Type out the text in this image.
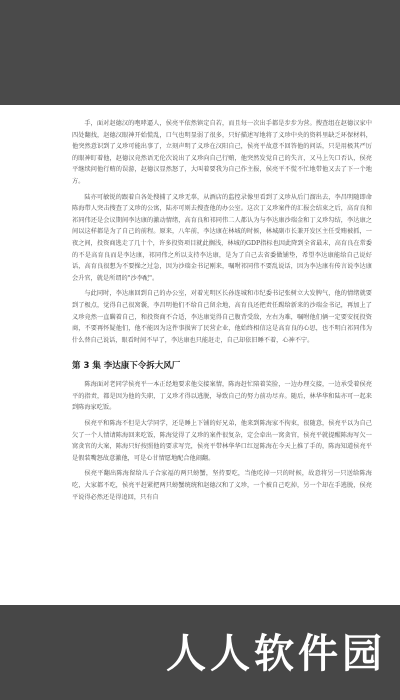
手，面对赵德汉的咆哮逼人，侯亮平依然镇定自若，而且每一次出手都是步步为营。搜查组在赵德汉家中四处翻找，赵德汉眼神开始慌乱，口气也明显弱了很多，只好描述写地将了义珍中央的资料里缺乏环保材料，他突然意识到了义珍可能出事了，立刻声明了义珍在汉阳自己，侯亮平故意不回答他的问话，只是用极其严厉的眼神盯着他，赵德汉竟然语无伦次说出了义珍向自己行贿，他突然发觉自己的失言，又马上矢口否认，侯亮平继续问他行贿的误游，赵德汉显然怒了，大叫着要我为自己作主报，侯亮平不慌不忙地带他又去了下一个地方。

陆亦可敏锐的跟着自各处搜捕了义珍无辜，从酒店的监控录像里看到了义珍从后门溜出去，李昌明随即命陈海带人突击搜查了义珍的公寓，陆亦可则去搜查他的办公室。这次丁义珍案件的汇报会结束之后，高育良和祁同伟还是会议期间李达康的激动情绪，高育良和祁同伟二人都认为与李达康沙瑞金和丁义珍勾结，李达康之间以这样都是为了自己的前程。原来，八年前，李达康在林城的时候，林城副市长兼开发区主任受贿被抓，一夜之间，投资商逃走了几十个，许多投资项目就此搁浅，林城的GDP指标也因此降到全省最末，高育良在常委的不是高育良而是李达康，祁同伟之所以支持李达康，是为了自己去省委做铺垫，希望李达康能给自己说好话，高育良很想为不要操之过急，因为沙瑞金书记刚来，嘱咐祁同伟不要乱说话，因为李达康有传言说李达康会升官，就是所谓的"沙李配"。

与此同时，李达康回到自己的办公室，对着光明区长孙连城和市纪委书记张树立大发脾气，他的情绪就要到了极点，觉得自己很窝囊，李昌明他们不给自己留余地，高育良还把责任踢给新来的沙瑞金书记，再加上了义珍竟然一直瞒着自己，和投资商不合适，李达康觉得自己腹背受敌，左右为难，嘱咐他们俩一定要安抚投资商，不要再怀疑他们，他不能因为这件事损害了民营企业，他始终相信这是高育良的心思，也不明白祁同伟为什么替自己说话，眼看时间不早了，李达康也只能赶走，自己却依旧睡不着，心神不宁。

第 3 集 李达康下令拆大风厂

陈海面对老同学侯亮平一本正经地要求他交接案情，陈海赶忙陪着笑脸，一边办理交接，一边承受着侯亮平的指责，都是因为他的失职，丁义珍才得以逃脱，导致自己的努力前功尽弃。随后，林华华和陆亦可一起来到陈海家吃饭。

侯亮平和陈海不但是大学同学，还是睡上下铺的好兄弟，他来到陈海家不拘束，很随意，侯亮平以为自己欠了一个人情请陈海回来吃饭，陈海觉得了义珍的案件很复杂，定会牵出一窝贪官，侯亮平就提醒陈海写欠一窝贪官的大案，陈海只好按照他的要求写完，侯亮平带林华华口红逗陈海在今天上推了手的，陈海知道侯亮平是假装嘴怒故意激他，可是心甘情愿地配合他闹翻。

侯亮平翻出陈海留给儿子合家福的两只螃蟹，坚持要吃，当他吃掉一只的时候，故意将另一只送给陈海吃，大家都不吃，侯亮平赶紧把两只螃蟹统统和赵德汉和了义珍，一个被自己吃掉，另一个却在手逃脱，侯亮平说得必然还是得追回，只有自

人人软件园
